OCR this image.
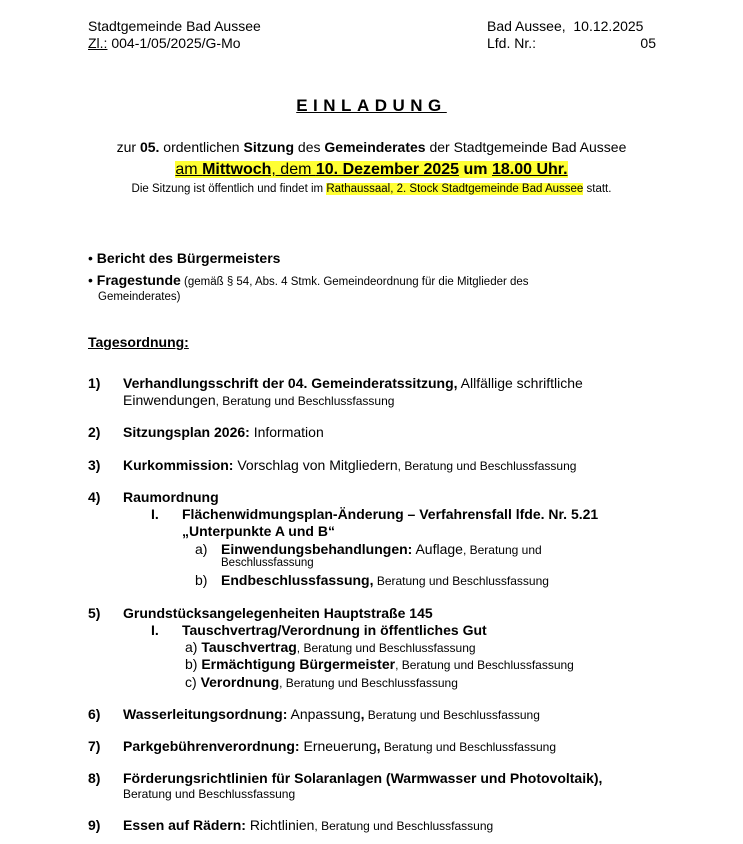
Stadtgemeinde Bad Aussee
Zl.: 004-1/05/2025/G-Mo
Bad Aussee,  10.12.2025
Lfd. Nr.:	05
EINLADUNG
zur 05. ordentlichen Sitzung des Gemeinderates der Stadtgemeinde Bad Aussee
am Mittwoch, dem 10. Dezember 2025 um 18.00 Uhr.
Die Sitzung ist öffentlich und findet im Rathaussaal, 2. Stock Stadtgemeinde Bad Aussee statt.
• Bericht des Bürgermeisters
• Fragestunde (gemäß § 54, Abs. 4 Stmk. Gemeindeordnung für die Mitglieder des
Gemeinderates)
Tagesordnung:
1) Verhandlungsschrift der 04. Gemeinderatssitzung, Allfällige schriftliche
Einwendungen, Beratung und Beschlussfassung
2) Sitzungsplan 2026: Information
3) Kurkommission: Vorschlag von Mitgliedern, Beratung und Beschlussfassung
4) Raumordnung
I. Flächenwidmungsplan-Änderung – Verfahrensfall lfde. Nr. 5.21
„Unterpunkte A und B“
a) Einwendungsbehandlungen: Auflage, Beratung und
Beschlussfassung
b) Endbeschlussfassung, Beratung und Beschlussfassung
5) Grundstücksangelegenheiten Hauptstraße 145
I. Tauschvertrag/Verordnung in öffentliches Gut
a) Tauschvertrag, Beratung und Beschlussfassung
b) Ermächtigung Bürgermeister, Beratung und Beschlussfassung
c) Verordnung, Beratung und Beschlussfassung
6) Wasserleitungsordnung: Anpassung, Beratung und Beschlussfassung
7) Parkgebührenverordnung: Erneuerung, Beratung und Beschlussfassung
8) Förderungsrichtlinien für Solaranlagen (Warmwasser und Photovoltaik),
Beratung und Beschlussfassung
9) Essen auf Rädern: Richtlinien, Beratung und Beschlussfassung
